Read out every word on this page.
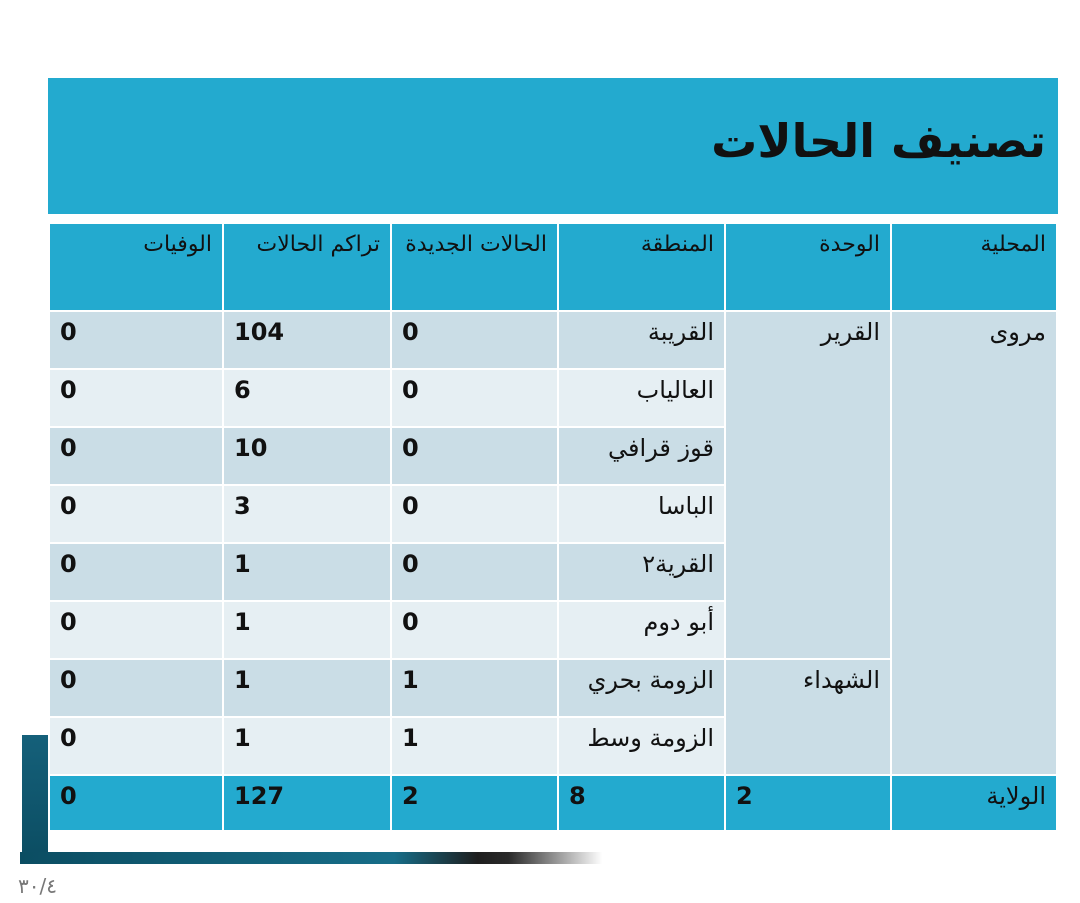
تصنيف الحالات
المحلية	الوحدة	المنطقة	الحالات الجديدة	تراكم الحالات	الوفيات
مروى	القرير	القريبة	0	104	0
		العالياب	0	6	0
		قوز قرافي	0	10	0
		الباسا	0	3	0
		القرية٢	0	1	0
		أبو دوم	0	1	0
	الشهداء	الزومة بحري	1	1	0
		الزومة وسط	1	1	0
الولاية	2	8	2	127	0
٣٠/٤
